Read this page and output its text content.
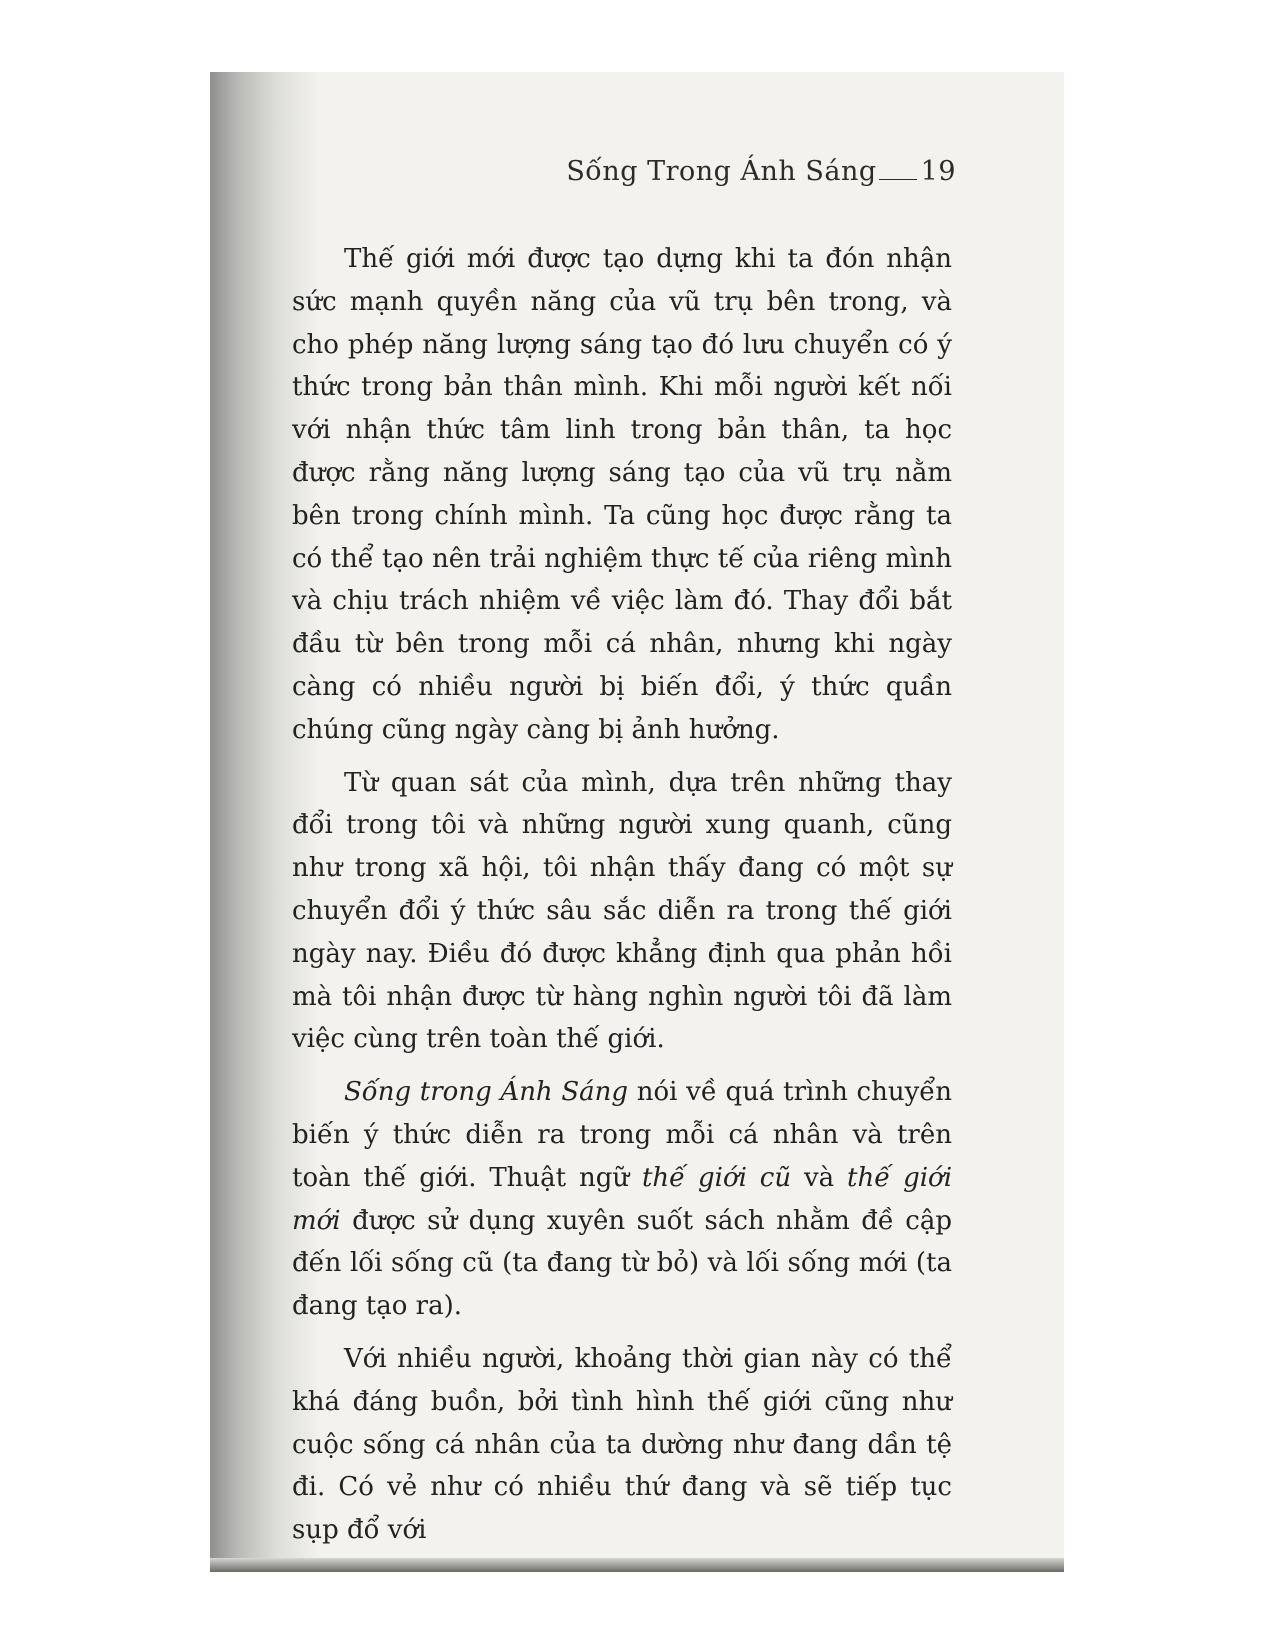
Sống Trong Ánh Sáng 19

Thế giới mới được tạo dựng khi ta đón nhận sức mạnh quyền năng của vũ trụ bên trong, và cho phép năng lượng sáng tạo đó lưu chuyển có ý thức trong bản thân mình. Khi mỗi người kết nối với nhận thức tâm linh trong bản thân, ta học được rằng năng lượng sáng tạo của vũ trụ nằm bên trong chính mình. Ta cũng học được rằng ta có thể tạo nên trải nghiệm thực tế của riêng mình và chịu trách nhiệm về việc làm đó. Thay đổi bắt đầu từ bên trong mỗi cá nhân, nhưng khi ngày càng có nhiều người bị biến đổi, ý thức quần chúng cũng ngày càng bị ảnh hưởng.

Từ quan sát của mình, dựa trên những thay đổi trong tôi và những người xung quanh, cũng như trong xã hội, tôi nhận thấy đang có một sự chuyển đổi ý thức sâu sắc diễn ra trong thế giới ngày nay. Điều đó được khẳng định qua phản hồi mà tôi nhận được từ hàng nghìn người tôi đã làm việc cùng trên toàn thế giới.

Sống trong Ánh Sáng nói về quá trình chuyển biến ý thức diễn ra trong mỗi cá nhân và trên toàn thế giới. Thuật ngữ thế giới cũ và thế giới mới được sử dụng xuyên suốt sách nhằm đề cập đến lối sống cũ (ta đang từ bỏ) và lối sống mới (ta đang tạo ra).

Với nhiều người, khoảng thời gian này có thể khá đáng buồn, bởi tình hình thế giới cũng như cuộc sống cá nhân của ta dường như đang dần tệ đi. Có vẻ như có nhiều thứ đang và sẽ tiếp tục sụp đổ với
